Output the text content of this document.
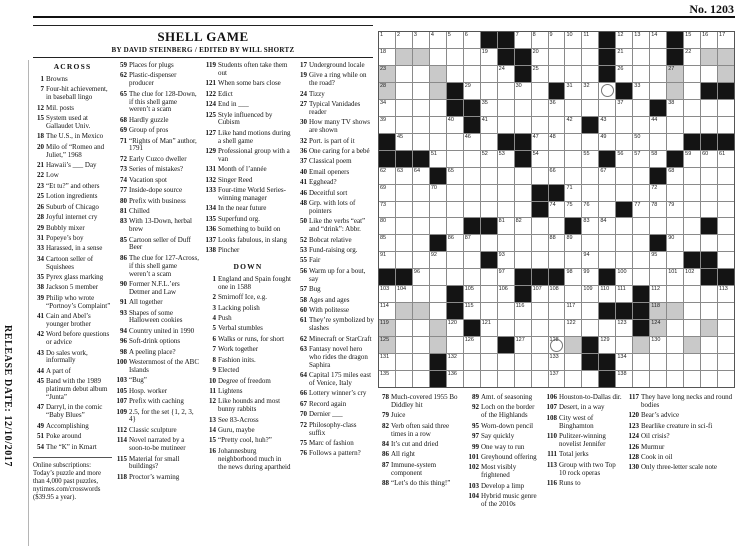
No. 1203
RELEASE DATE: 12/10/2017
SHELL GAME
BY DAVID STEINBERG / EDITED BY WILL SHORTZ
1	2	3	4	5	6	7	8	9	10 11	12 13 14	15 16 17
18	19	20	21	22
23	24	25	26	27
28	29	30	31 32	33
34	35	36	37	38
39	40	41	42	43	44
45	46	47 48	49	50
51	52 53	54	55	56 57 58	59 60 61
62 63 64	65	66	67	68
69	70	71	72
73	74 75 76	77 78 79
80	81 82	83 84
85	86 87	88 89	90
91	92	93	94	95
96	97	98 99	100	101 102
103 104	105	106	107 108	109 110 111	112	113
114	115	116	117	118
119	120	121	122	123	124
125	126	127	128	129	130
131	132	133	134
135	136	137	138
ACROSS
1 Browns
7 Four-hit achievement, in baseball lingo
12 Mil. posts
15 System used at Gallaudet Univ.
18 The U.S., in Mexico
20 Milo of “Romeo and Juliet,” 1968
21 Hawaii’s ___ Day
22 Low
23 “Et tu?” and others
25 Lotion ingredients
26 Suburb of Chicago
28 Joyful internet cry
29 Bubbly mixer
31 Popeye’s boy
33 Harassed, in a sense
34 Cartoon seller of Squishees
35 Pyrex glass marking
38 Jackson 5 member
39 Philip who wrote “Portnoy’s Complaint”
41 Cain and Abel’s younger brother
42 Word before questions or advice
43 Do sales work, informally
44 A part of
45 Band with the 1989 platinum debut album “Junta”
47 Darryl, in the comic “Baby Blues”
49 Accomplishing
51 Poke around
54 The “K” in Kmart
Online subscriptions: Today’s puzzle and more than 4,000 past puzzles, nytimes.com/crosswords ($39.95 a year).
59 Places for plugs
62 Plastic-dispenser producer
65 The clue for 128-Down, if this shell game weren’t a scam
68 Hardly guzzle
69 Group of pros
71 “Rights of Man” author, 1791
72 Early Cuzco dweller
73 Series of mistakes?
74 Vacation spot
77 Inside-dope source
80 Prefix with business
81 Chilled
83 With 13-Down, herbal brew
85 Cartoon seller of Duff Beer
86 The clue for 127-Across, if this shell game weren’t a scam
90 Former N.F.L.’ers Detmer and Law
91 All together
93 Shapes of some Halloween cookies
94 Country united in 1990
96 Soft-drink options
98 A peeling place?
100 Westernmost of the ABC Islands
103 “Bug”
105 Hosp. worker
107 Prefix with caching
109 2.5, for the set {1, 2, 3, 4}
112 Classic sculpture
114 Novel narrated by a soon-to-be mutineer
115 Material for small buildings?
118 Proctor’s warning
119 Students often take them out
121 When some bars close
122 Edict
124 End in ___
125 Style influenced by Cubism
127 Like hand motions during a shell game
129 Professional group with a van
131 Month of l’année
132 Singer Reed
133 Four-time World Series-winning manager
134 In the near future
135 Superfund org.
136 Something to build on
137 Looks fabulous, in slang
138 Pincher
DOWN
1 England and Spain fought one in 1588
2 Smirnoff Ice, e.g.
3 Lacking polish
4 Push
5 Verbal stumbles
6 Walks or runs, for short
7 Work together
8 Fashion inits.
9 Elected
10 Degree of freedom
11 Lightens
12 Like hounds and most bunny rabbits
13 See 83-Across
14 Guru, maybe
15 “Pretty cool, huh?”
16 Johannesburg neighborhood much in the news during apartheid
17 Underground locale
19 Give a ring while on the road?
24 Tizzy
27 Typical Vanidades reader
30 How many TV shows are shown
32 Port. is part of it
36 One caring for a bebé
37 Classical poem
40 Email openers
41 Egghead?
46 Deceitful sort
48 Grp. with lots of pointers
50 Like the verbs “eat” and “drink”: Abbr.
52 Bobcat relative
53 Fund-raising org.
55 Fair
56 Warm up for a bout, say
57 Bug
58 Ages and ages
60 With politesse
61 They’re symbolized by slashes
62 Minecraft or StarCraft
63 Fantasy novel hero who rides the dragon Saphira
64 Capital 175 miles east of Venice, Italy
66 Lottery winner’s cry
67 Record again
70 Dernier ___
72 Philosophy-class suffix
75 Marc of fashion
76 Follows a pattern?
78 Much-covered 1955 Bo Diddley hit
79 Juice
82 Verb often said three times in a row
84 It’s cut and dried
86 All right
87 Immune-system component
88 “Let’s do this thing!”
89 Amt. of seasoning
92 Loch on the border of the Highlands
95 Worn-down pencil
97 Say quickly
99 One way to run
101 Greyhound offering
102 Most visibly frightened
103 Develop a limp
104 Hybrid music genre of the 2010s
106 Houston-to-Dallas dir.
107 Desert, in a way
108 City west of Binghamton
110 Pulitzer-winning novelist Jennifer
111 Total jerks
113 Group with two Top 10 rock operas
116 Runs to
117 They have long necks and round bodies
120 Bear’s advice
123 Bearlike creature in sci-fi
124 Oil crisis?
126 Murmur
128 Cook in oil
130 Only three-letter scale note
